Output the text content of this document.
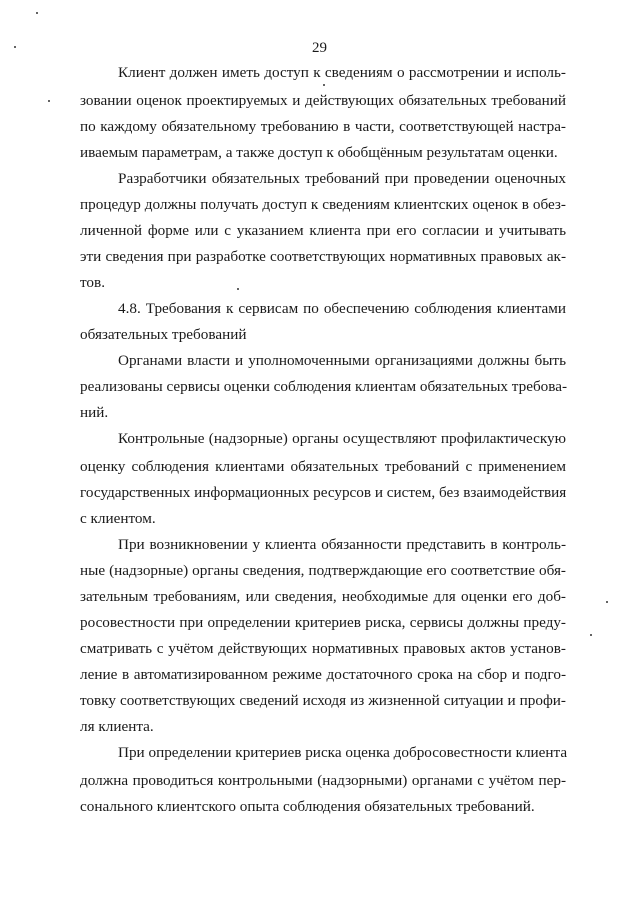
29
Клиент должен иметь доступ к сведениям о рассмотрении и исполь-
зовании оценок проектируемых и действующих обязательных требований
по каждому обязательному требованию в части, соответствующей настра-
иваемым параметрам, а также доступ к обобщённым результатам оценки.
Разработчики обязательных требований при проведении оценочных
процедур должны получать доступ к сведениям клиентских оценок в обез-
личенной форме или с указанием клиента при его согласии и учитывать
эти сведения при разработке соответствующих нормативных правовых ак-
тов.
4.8. Требования к сервисам по обеспечению соблюдения клиентами
обязательных требований
Органами власти и уполномоченными организациями должны быть
реализованы сервисы оценки соблюдения клиентам обязательных требова-
ний.
Контрольные (надзорные) органы осуществляют профилактическую
оценку соблюдения клиентами обязательных требований с применением
государственных информационных ресурсов и систем, без взаимодействия
с клиентом.
При возникновении у клиента обязанности представить в контроль-
ные (надзорные) органы сведения, подтверждающие его соответствие обя-
зательным требованиям, или сведения, необходимые для оценки его доб-
росовестности при определении критериев риска, сервисы должны преду-
сматривать с учётом действующих нормативных правовых актов установ-
ление в автоматизированном режиме достаточного срока на сбор и подго-
товку соответствующих сведений исходя из жизненной ситуации и профи-
ля клиента.
При определении критериев риска оценка добросовестности клиента
должна проводиться контрольными (надзорными) органами с учётом пер-
сонального клиентского опыта соблюдения обязательных требований.
